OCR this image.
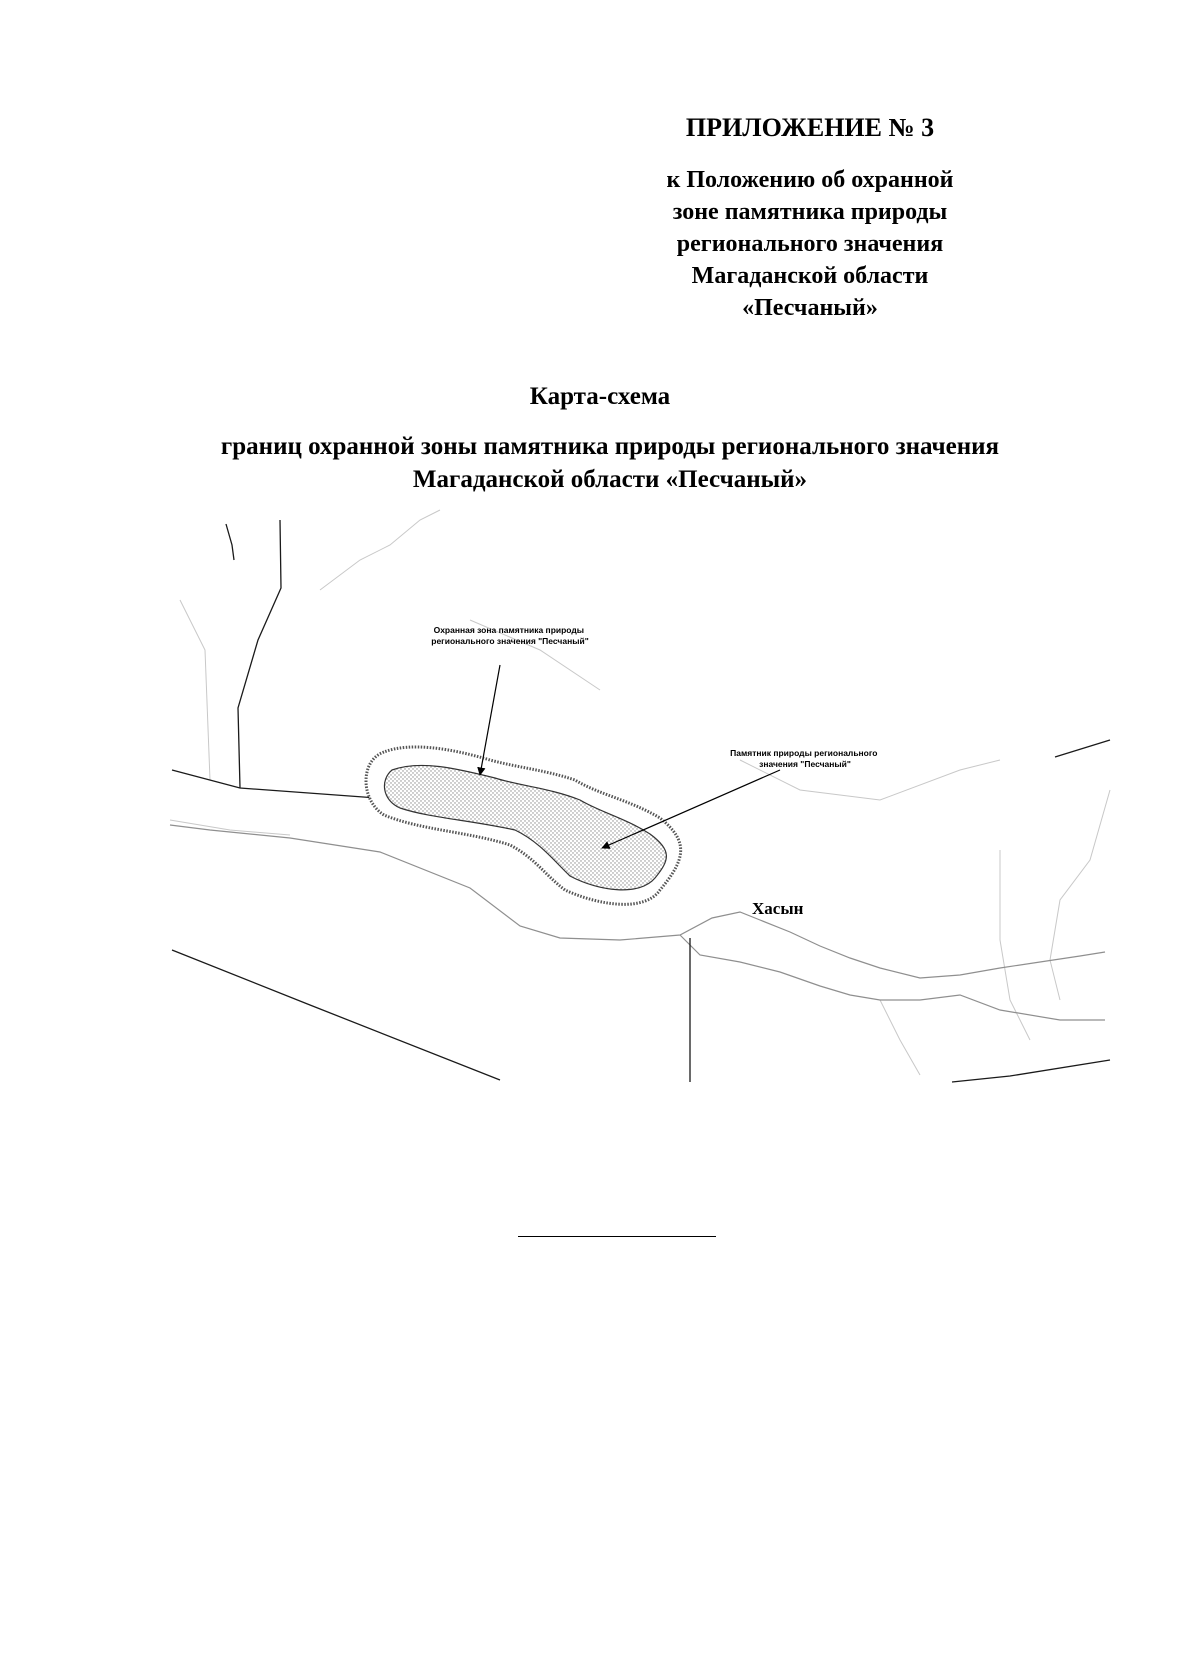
ПРИЛОЖЕНИЕ № 3

к Положению об охранной

зоне памятника природы

регионального значения

Магаданской области

«Песчаный»

Карта-схема

границ охранной зоны памятника природы регионального значения
Магаданской области «Песчаный»
Охранная зона памятника природы регионального значения "Песчаный"
Памятник природы регионального значения "Песчаный"
Хасын
